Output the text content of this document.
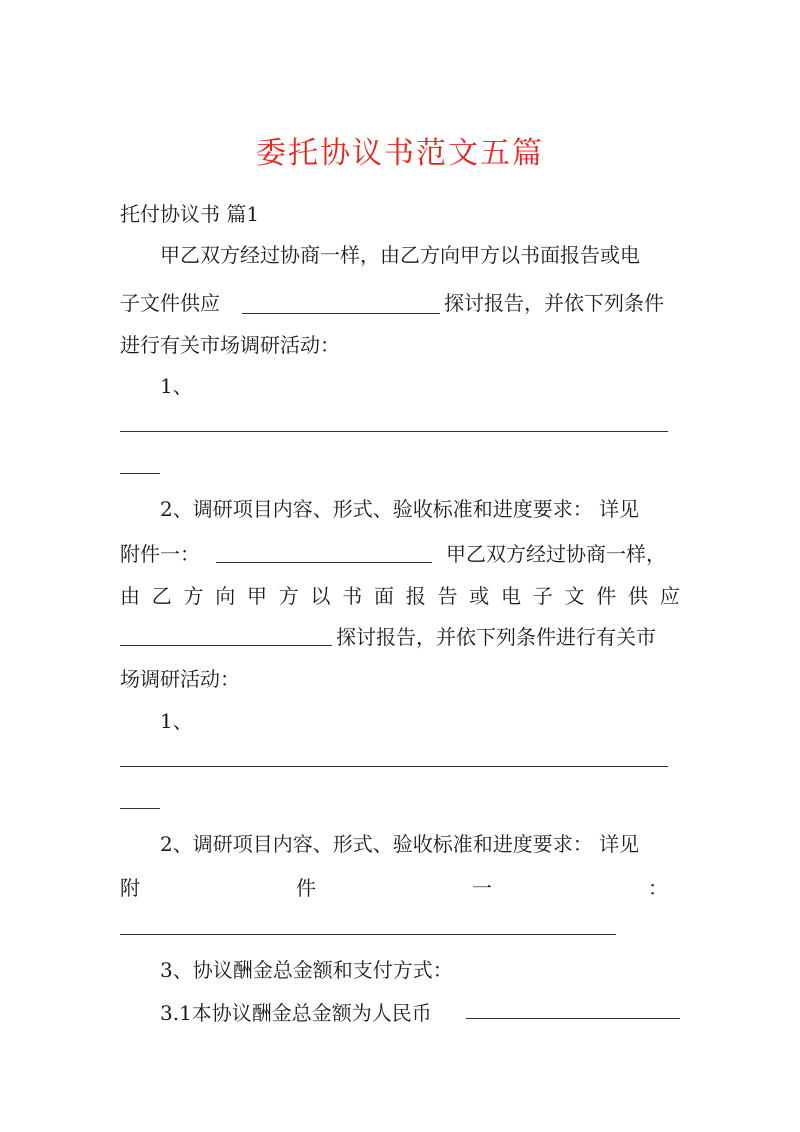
委托协议书范文五篇
托付协议书 篇1
甲乙双方经过协商一样，由乙方向甲方以书面报告或电
子文件供应	探讨报告，并依下列条件
进行有关市场调研活动：
1、
2、调研项目内容、形式、验收标准和进度要求： 详见
附件一：	甲乙双方经过协商一样，
由 乙 方 向 甲 方 以 书 面 报 告 或 电 子 文 件 供 应
探讨报告，并依下列条件进行有关市
场调研活动：
1、
2、调研项目内容、形式、验收标准和进度要求： 详见
附	件	一	：
3、协议酬金总金额和支付方式：
3.1本协议酬金总金额为人民币
